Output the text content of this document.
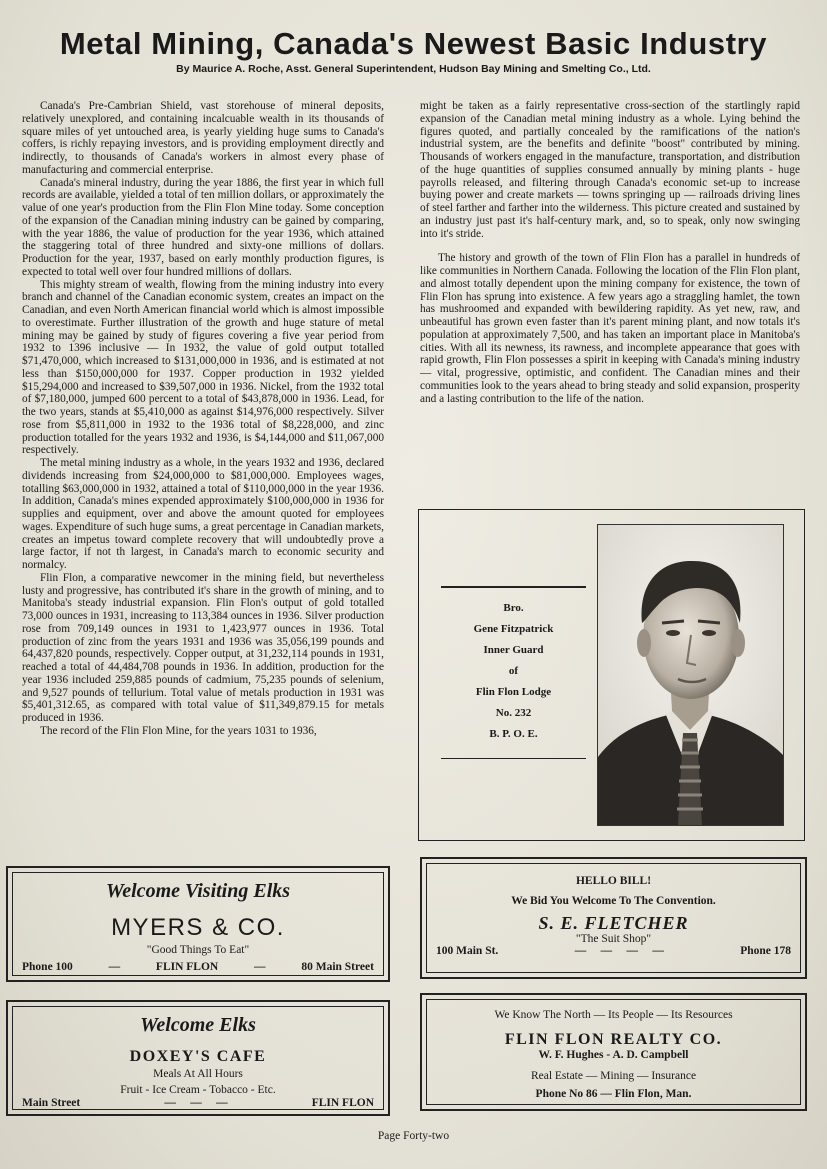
Metal Mining, Canada's Newest Basic Industry
By Maurice A. Roche, Asst. General Superintendent, Hudson Bay Mining and Smelting Co., Ltd.

Canada's Pre-Cambrian Shield, vast storehouse of mineral deposits, relatively unexplored, and containing incalcuable wealth in its thousands of square miles of yet untouched area, is yearly yielding huge sums to Canada's coffers, is richly repaying investors, and is providing employment directly and indirectly, to thousands of Canada's workers in almost every phase of manufacturing and commercial enterprise.

Canada's mineral industry, during the year 1886, the first year in which full records are available, yielded a total of ten million dollars, or approximately the value of one year's production from the Flin Flon Mine today. Some conception of the expansion of the Canadian mining industry can be gained by comparing, with the year 1886, the value of production for the year 1936, which attained the staggering total of three hundred and sixty-one millions of dollars. Production for the year, 1937, based on early monthly production figures, is expected to total well over four hundred millions of dollars.

This mighty stream of wealth, flowing from the mining industry into every branch and channel of the Canadian economic system, creates an impact on the Canadian, and even North American financial world which is almost impossible to overestimate. Further illustration of the growth and huge stature of metal mining may be gained by study of figures covering a five year period from 1932 to 1396 inclusive — In 1932, the value of gold output totalled $71,470,000, which increased to $131,000,000 in 1936, and is estimated at not less than $150,000,000 for 1937. Copper production in 1932 yielded $15,294,000 and increased to $39,507,000 in 1936. Nickel, from the 1932 total of $7,180,000, jumped 600 percent to a total of $43,878,000 in 1936. Lead, for the two years, stands at $5,410,000 as against $14,976,000 respectively. Silver rose from $5,811,000 in 1932 to the 1936 total of $8,228,000, and zinc production totalled for the years 1932 and 1936, is $4,144,000 and $11,067,000 respectively.

The metal mining industry as a whole, in the years 1932 and 1936, declared dividends increasing from $24,000,000 to $81,000,000. Employees wages, totalling $63,000,000 in 1932, attained a total of $110,000,000 in the year 1936. In addition, Canada's mines expended approximately $100,000,000 in 1936 for supplies and equipment, over and above the amount quoted for employees wages. Expenditure of such huge sums, a great percentage in Canadian markets, creates an impetus toward complete recovery that will undoubtedly prove a large factor, if not th largest, in Canada's march to economic security and normalcy.

Flin Flon, a comparative newcomer in the mining field, but nevertheless lusty and progressive, has contributed it's share in the growth of mining, and to Manitoba's steady industrial expansion. Flin Flon's output of gold totalled 73,000 ounces in 1931, increasing to 113,384 ounces in 1936. Silver production rose from 709,149 ounces in 1931 to 1,423,977 ounces in 1936. Total production of zinc from the years 1931 and 1936 was 35,056,199 pounds and 64,437,820 pounds, respectively. Copper output, at 31,232,114 pounds in 1931, reached a total of 44,484,708 pounds in 1936. In addition, production for the year 1936 included 259,885 pounds of cadmium, 75,235 pounds of selenium, and 9,527 pounds of tellurium. Total value of metals production in 1931 was $5,401,312.65, as compared with total value of $11,349,879.15 for metals produced in 1936.

The record of the Flin Flon Mine, for the years 1031 to 1936,

might be taken as a fairly representative cross-section of the startlingly rapid expansion of the Canadian metal mining industry as a whole. Lying behind the figures quoted, and partially concealed by the ramifications of the nation's industrial system, are the benefits and definite "boost" contributed by mining. Thousands of workers engaged in the manufacture, transportation, and distribution of the huge quantities of supplies consumed annually by mining plants - huge payrolls released, and filtering through Canada's economic set-up to increase buying power and create markets — towns springing up — railroads driving lines of steel farther and farther into the wilderness. This picture created and sustained by an industry just past it's half-century mark, and, so to speak, only now swinging into it's stride.

The history and growth of the town of Flin Flon has a parallel in hundreds of like communities in Northern Canada. Following the location of the Flin Flon plant, and almost totally dependent upon the mining company for existence, the town of Flin Flon has sprung into existence. A few years ago a straggling hamlet, the town has mushroomed and expanded with bewildering rapidity. As yet new, raw, and unbeautiful has grown even faster than it's parent mining plant, and now totals it's population at approximately 7,500, and has taken an important place in Manitoba's cities. With all its newness, its rawness, and incomplete appearance that goes with rapid growth, Flin Flon possesses a spirit in keeping with Canada's mining industry — vital, progressive, optimistic, and confident. The Canadian mines and their communities look to the years ahead to bring steady and solid expansion, prosperity and a lasting contribution to the life of the nation.

Bro.
Gene Fitzpatrick
Inner Guard
of
Flin Flon Lodge
No. 232
B. P. O. E.
Welcome Visiting Elks
MYERS & CO.
"Good Things To Eat"
Phone 100	—	FLIN FLON	—	80 Main Street
HELLO BILL!
We Bid You Welcome To The Convention.
S. E. FLETCHER
"The Suit Shop"
100 Main St.	—     —     —     —	Phone 178
Welcome Elks
DOXEY'S CAFE
Meals At All Hours
Fruit - Ice Cream - Tobacco - Etc.
Main Street	—     —     —	FLIN FLON
We Know The North — Its People — Its Resources
FLIN FLON REALTY CO.
W. F. Hughes - A. D. Campbell
Real Estate — Mining — Insurance
Phone No 86 — Flin Flon, Man.
Page Forty-two
